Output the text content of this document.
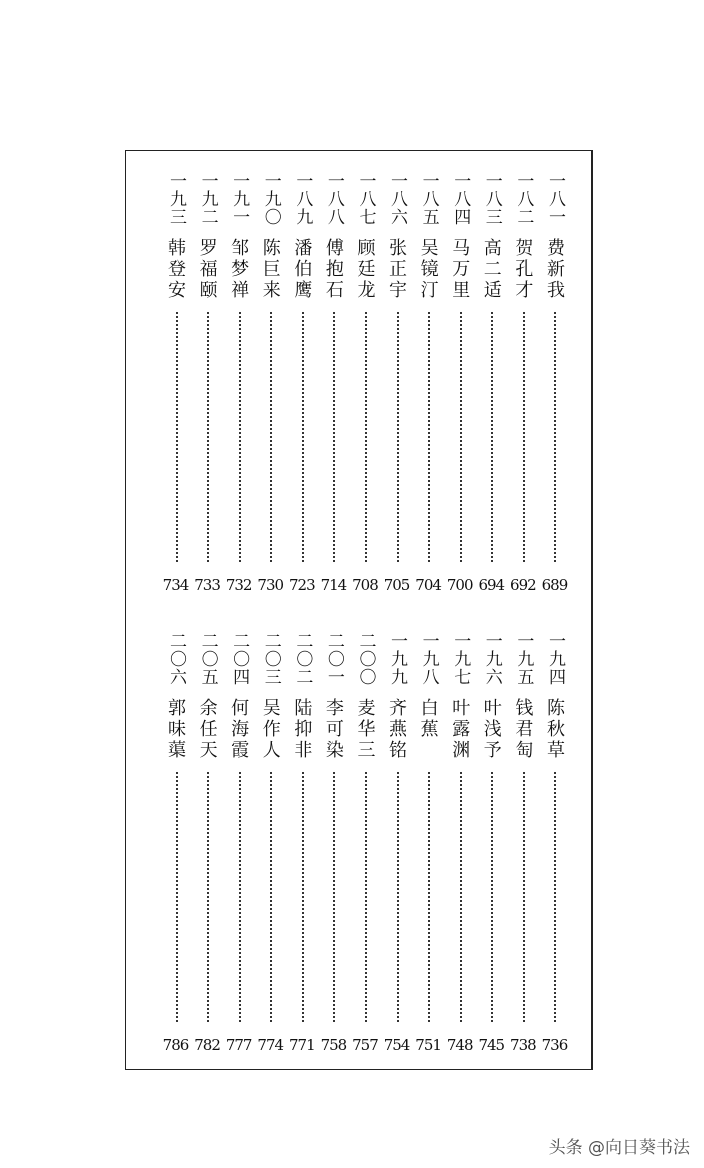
一八一
费新我
689
一八二
贺孔才
692
一八三
高二适
694
一八四
马万里
700
一八五
吴镜汀
704
一八六
张正宇
705
一八七
顾廷龙
708
一八八
傅抱石
714
一八九
潘伯鹰
723
一九〇
陈巨来
730
一九一
邹梦禅
732
一九二
罗福颐
733
一九三
韩登安
734
一九四
陈秋草
736
一九五
钱君匋
738
一九六
叶浅予
745
一九七
叶露渊
748
一九八
白蕉
751
一九九
齐燕铭
754
二〇〇
麦华三
757
二〇一
李可染
758
二〇二
陆抑非
771
二〇三
吴作人
774
二〇四
何海霞
777
二〇五
余任天
782
二〇六
郭味蕖
786
头条 @向日葵书法
